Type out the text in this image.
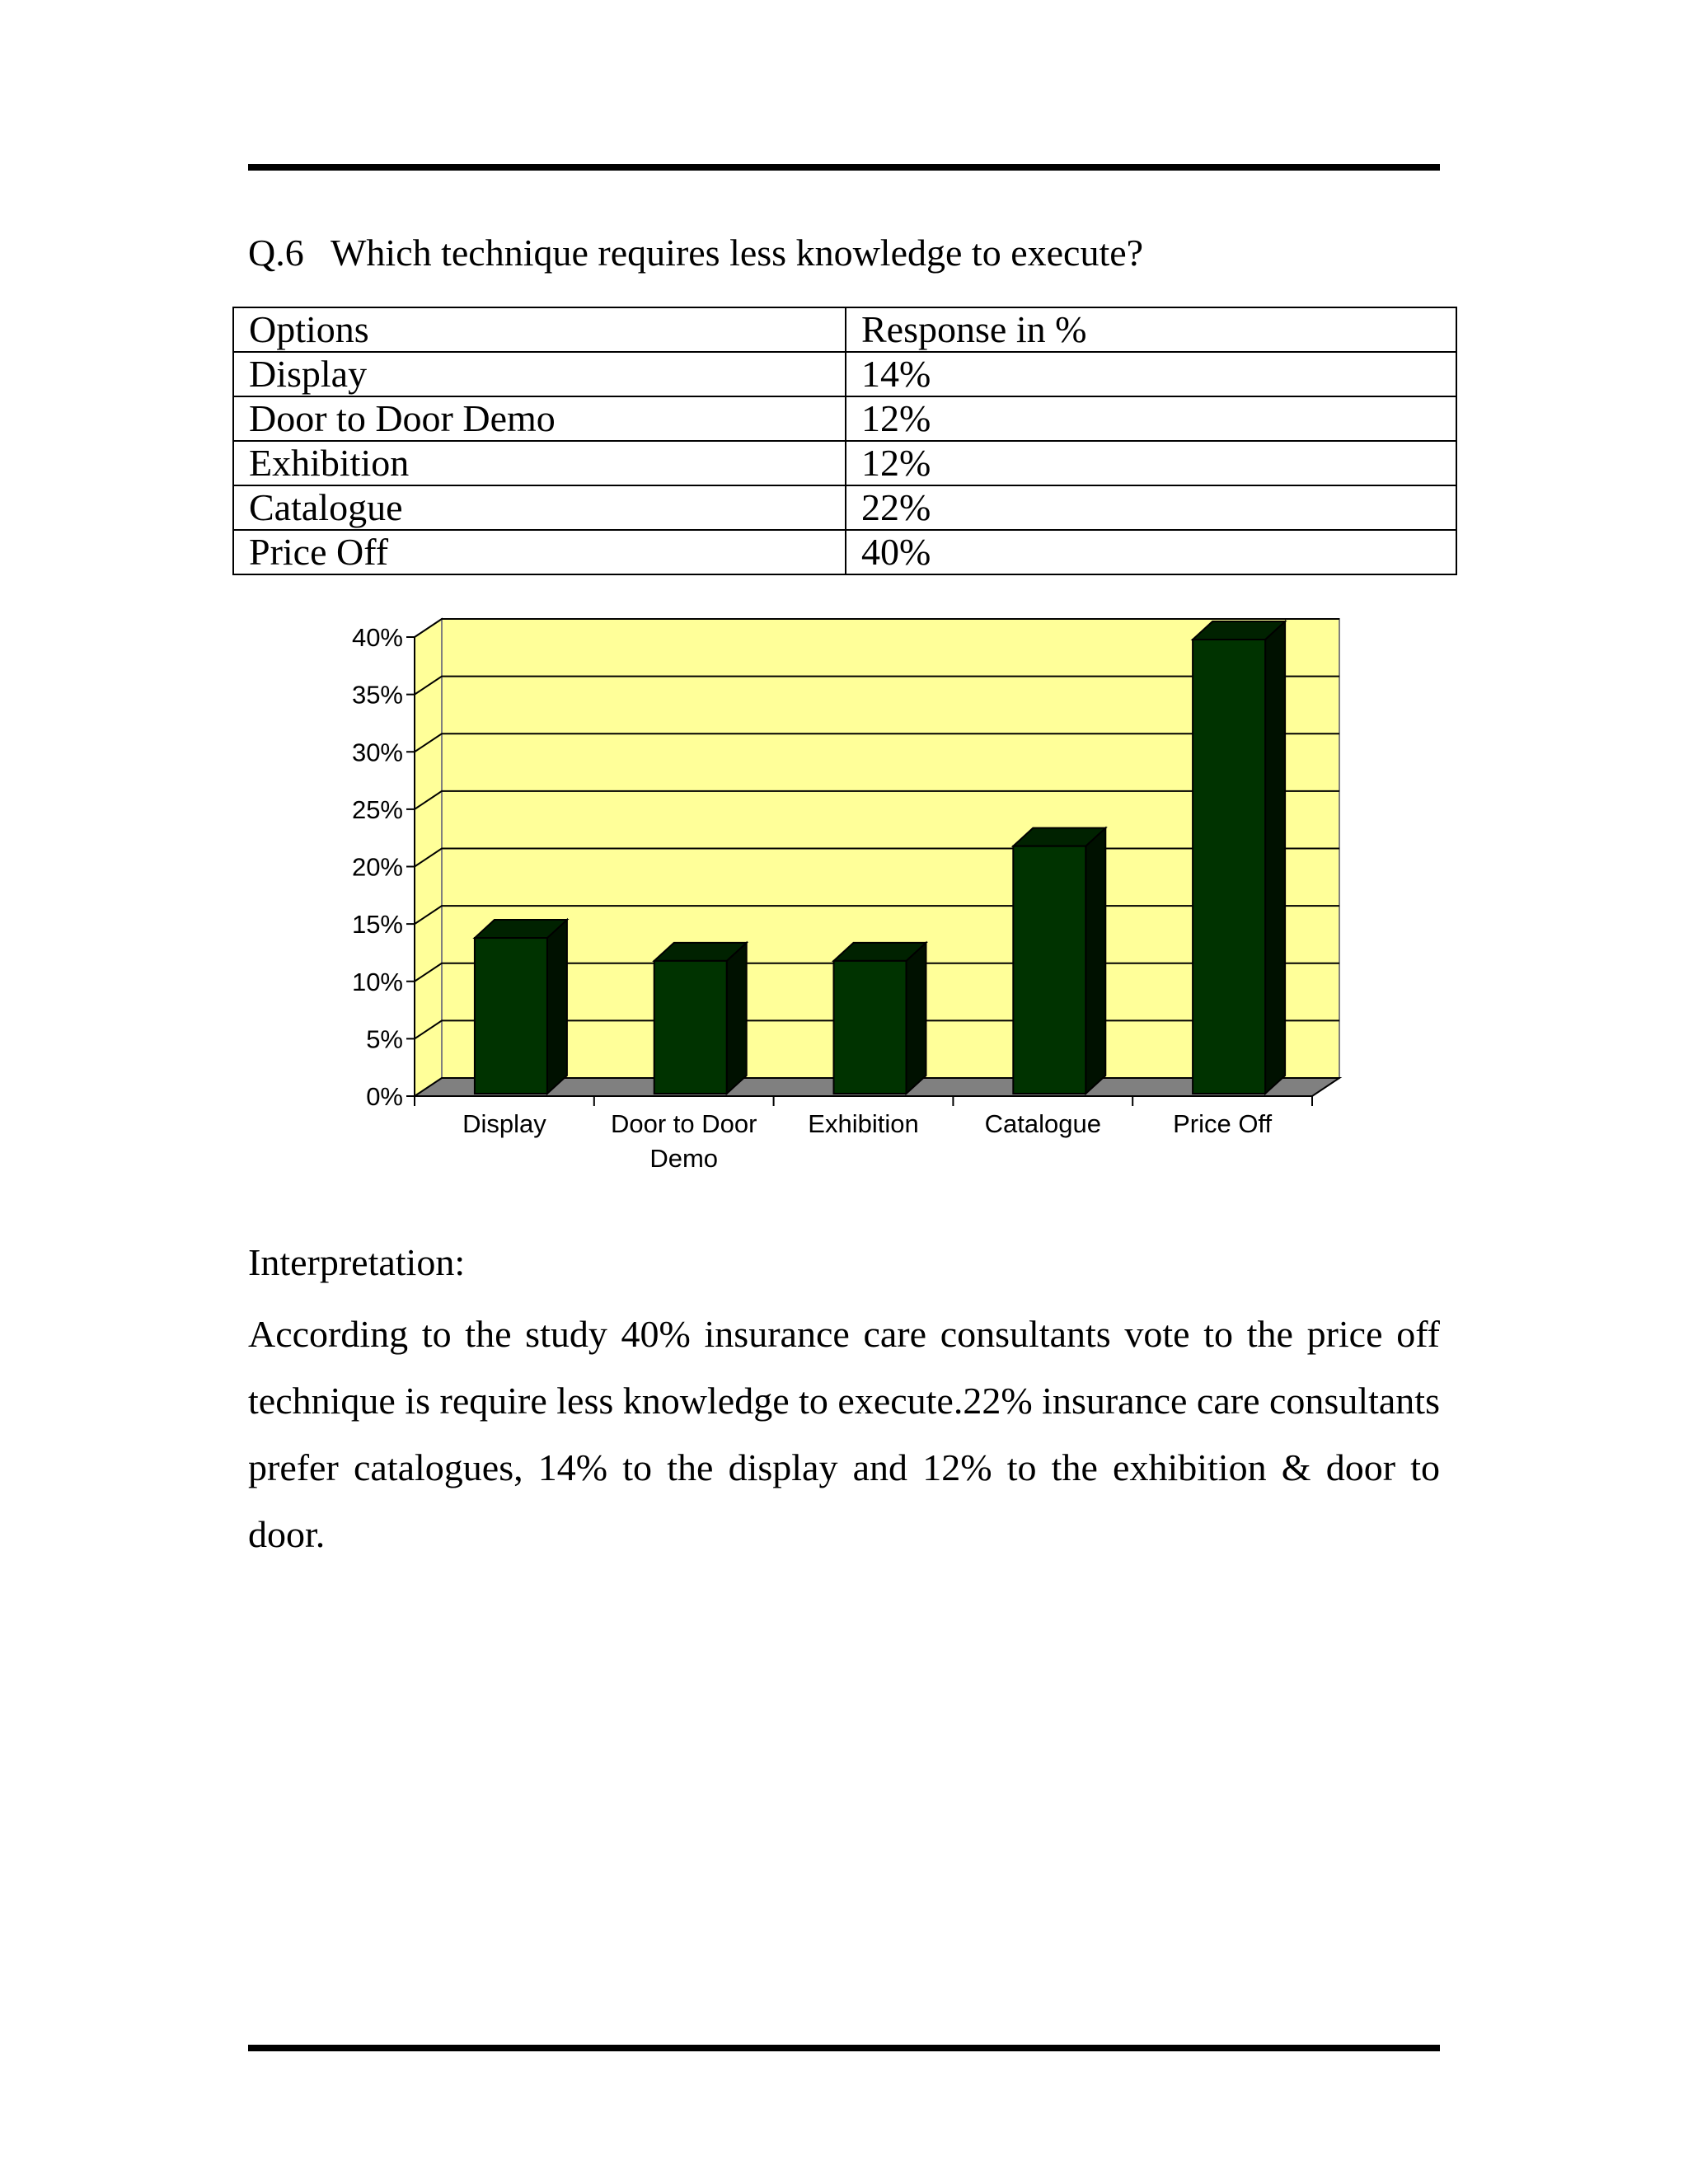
Q.6 Which technique requires less knowledge to execute?
Options	Response in %
Display	14%
Door to Door Demo	12%
Exhibition	12%
Catalogue	22%
Price Off	40%
0%
5%
10%
15%
20%
25%
30%
35%
40%
Display	Door to Door Demo
Exhibition	Catalogue	Price Off
Interpretation:
According to the study 40% insurance care consultants vote to the price off technique is require less knowledge to execute.22% insurance care consultants prefer catalogues, 14% to the display and 12% to the exhibition & door to door.
